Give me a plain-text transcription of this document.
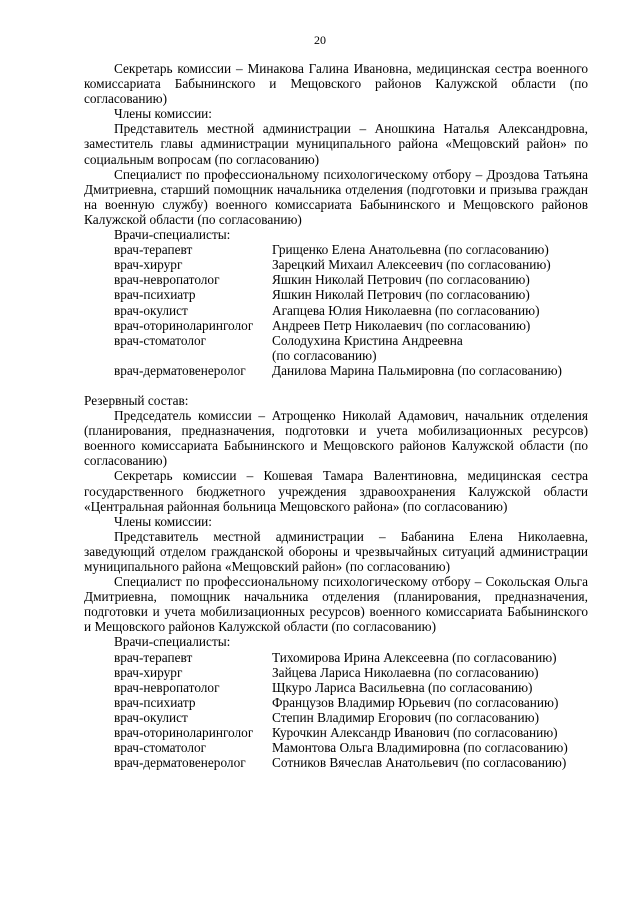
20

Секретарь комиссии – Минакова Галина Ивановна, медицинская сестра военного комиссариата Бабынинского и Мещовского районов Калужской области (по согласованию)

Члены комиссии:

Представитель местной администрации – Аношкина Наталья Александровна, заместитель главы администрации муниципального района «Мещовский район» по социальным вопросам (по согласованию)

Специалист по профессиональному психологическому отбору – Дроздова Татьяна Дмитриевна, старший помощник начальника отделения (подготовки и призыва граждан на военную службу) военного комиссариата Бабынинского и Мещовского районов Калужской области (по согласованию)

Врачи-специалисты:

врач-терапевт	Грищенко Елена Анатольевна (по согласованию)
врач-хирург	Зарецкий Михаил Алексеевич (по согласованию)
врач-невропатолог	Яшкин Николай Петрович (по согласованию)
врач-психиатр	Яшкин Николай Петрович (по согласованию)
врач-окулист	Агапцева Юлия Николаевна (по согласованию)
врач-оториноларинголог	Андреев Петр Николаевич (по согласованию)
врач-стоматолог	Солодухина Кристина Андреевна
(по согласованию)

врач-дерматовенеролог	Данилова Марина Пальмировна (по согласованию)

Резервный состав:

Председатель комиссии – Атрощенко Николай Адамович, начальник отделения (планирования, предназначения, подготовки и учета мобилизационных ресурсов) военного комиссариата Бабынинского и Мещовского районов Калужской области (по согласованию)

Секретарь комиссии – Кошевая Тамара Валентиновна, медицинская сестра государственного бюджетного учреждения здравоохранения Калужской области «Центральная районная больница Мещовского района» (по согласованию)

Члены комиссии:

Представитель местной администрации – Бабанина Елена Николаевна, заведующий отделом гражданской обороны и чрезвычайных ситуаций администрации муниципального района «Мещовский район» (по согласованию)

Специалист по профессиональному психологическому отбору – Сокольская Ольга Дмитриевна, помощник начальника отделения (планирования, предназначения, подготовки и учета мобилизационных ресурсов) военного комиссариата Бабынинского и Мещовского районов Калужской области (по согласованию)

Врачи-специалисты:

врач-терапевт	Тихомирова Ирина Алексеевна (по согласованию)
врач-хирург	Зайцева Лариса Николаевна (по согласованию)
врач-невропатолог	Щкуро Лариса Васильевна (по согласованию)
врач-психиатр	Французов Владимир Юрьевич (по согласованию)
врач-окулист	Степин Владимир Егорович (по согласованию)
врач-оториноларинголог	Курочкин Александр Иванович (по согласованию)
врач-стоматолог	Мамонтова Ольга Владимировна (по согласованию)
врач-дерматовенеролог	Сотников Вячеслав Анатольевич (по согласованию)
